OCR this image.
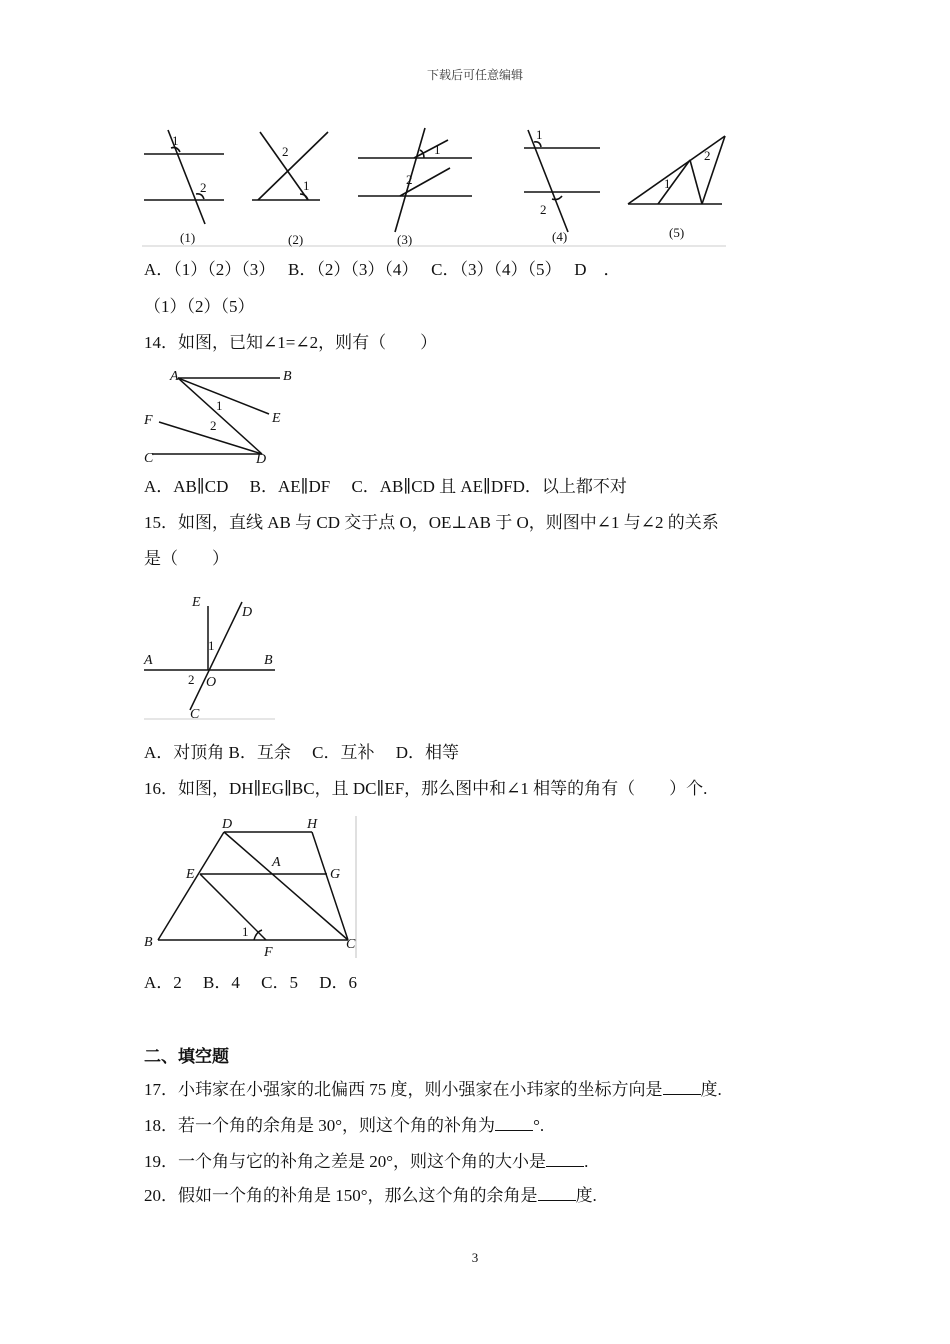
下载后可任意编辑
1
2
2
1
1
2
1
2
1
2
(1)	(2)	(3)	(4)	(5)
A．（1）（2）（3）　 B．（2）（3）（4）　 C．（3）（4）（5）　 D　．
（1）（2）（5）
14．如图，已知∠1=∠2，则有（　　）
A	B
F	E
C	D
1
2
A．AB∥CD　 B．AE∥DF　 C．AB∥CD 且 AE∥DFD．以上都不对
15．如图，直线 AB 与 CD 交于点 O，OE⊥AB 于 O，则图中∠1 与∠2 的关系
是（　　）
E
D
A	B
O
C
1
2
A．对顶角 B．互余　 C．互补　 D．相等
16．如图，DH∥EG∥BC，且 DC∥EF，那么图中和∠1 相等的角有（　　）个.
D	H
A
E	G
B
F
C
1
A．2　 B．4　 C．5　 D．6
二、填空题
17．小玮家在小强家的北偏西 75 度，则小强家在小玮家的坐标方向是 度.
18．若一个角的余角是 30°，则这个角的补角为 °.
19．一个角与它的补角之差是 20°，则这个角的大小是 .
20．假如一个角的补角是 150°，那么这个角的余角是 度.
3
